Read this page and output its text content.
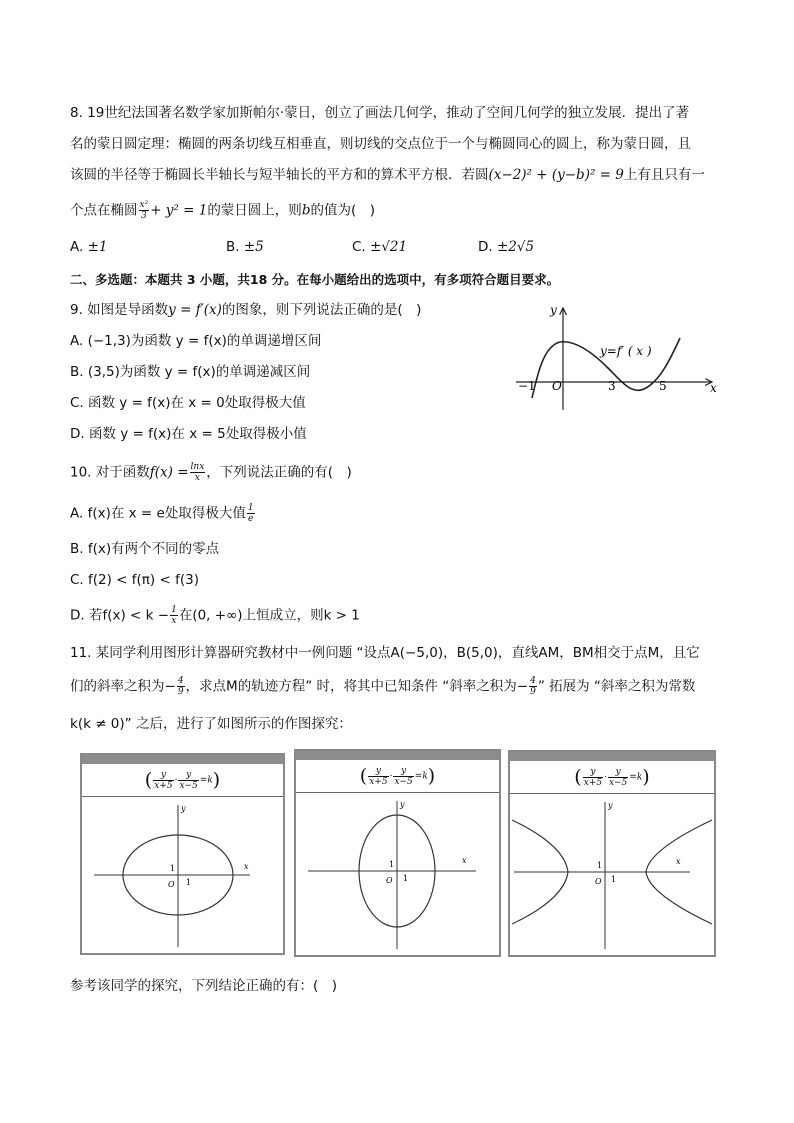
8. 19世纪法国著名数学家加斯帕尔·蒙日，创立了画法几何学，推动了空间几何学的独立发展．提出了著
名的蒙日圆定理：椭圆的两条切线互相垂直，则切线的交点位于一个与椭圆同心的圆上，称为蒙日圆，且
该圆的半径等于椭圆长半轴长与短半轴长的平方和的算术平方根．若圆(x−2)² + (y−b)² = 9上有且只有一
个点在椭圆 $\frac{\text{x²}}{3} + y^2 = 1$的蒙日圆上，则b的值为(　)
A. ±1	B. ±5	C. ±√21	D. ±2√5
二、多选题：本题共 3 小题，共18 分。在每小题给出的选项中，有多项符合题目要求。
9. 如图是导函数y = f′(x)的图象，则下列说法正确的是(　)
A. (−1,3)为函数 y = f(x)的单调递增区间
B. (3,5)为函数 y = f(x)的单调递减区间
C. 函数 y = f(x)在 x = 0处取得极大值
D. 函数 y = f(x)在 x = 5处取得极小值
y
x
y=f′ ( x )
−1 O	3	5
10. 对于函数$f(x) = \frac{\ln x}{x}$ ，下列说法正确的有(　)
A. f(x)在 x = e处取得极大值 $\frac{1}{e}$
B. f(x)有两个不同的零点
C. f(2) < f(π) < f(3)
D. 若$f(x) < k - \frac{1}{x}$ 在(0, +∞)上恒成立，则k > 1
11. 某同学利用图形计算器研究教材中一例问题 “设点A(−5,0)，B(5,0)，直线AM，BM相交于点M，且它
们的斜率之积为− $\frac{4}{9}$ ，求点M的轨迹方程” 时，将其中已知条件 “斜率之积为− $\frac{4}{9}$ ” 拓展为 “斜率之积为常数
k(k ≠ 0)” 之后，进行了如图所示的作图探究：
( $\frac{y}{x+5} \cdot \frac{y}{x-5} =k$)
x
y
O
1
1
( $\frac{y}{x+5} \cdot \frac{y}{x-5} =k$)
x
y
O
1
1
( $\frac{y}{x+5} \cdot \frac{y}{x-5} =k$)
x
y
O
1
1
参考该同学的探究，下列结论正确的有：(　)
